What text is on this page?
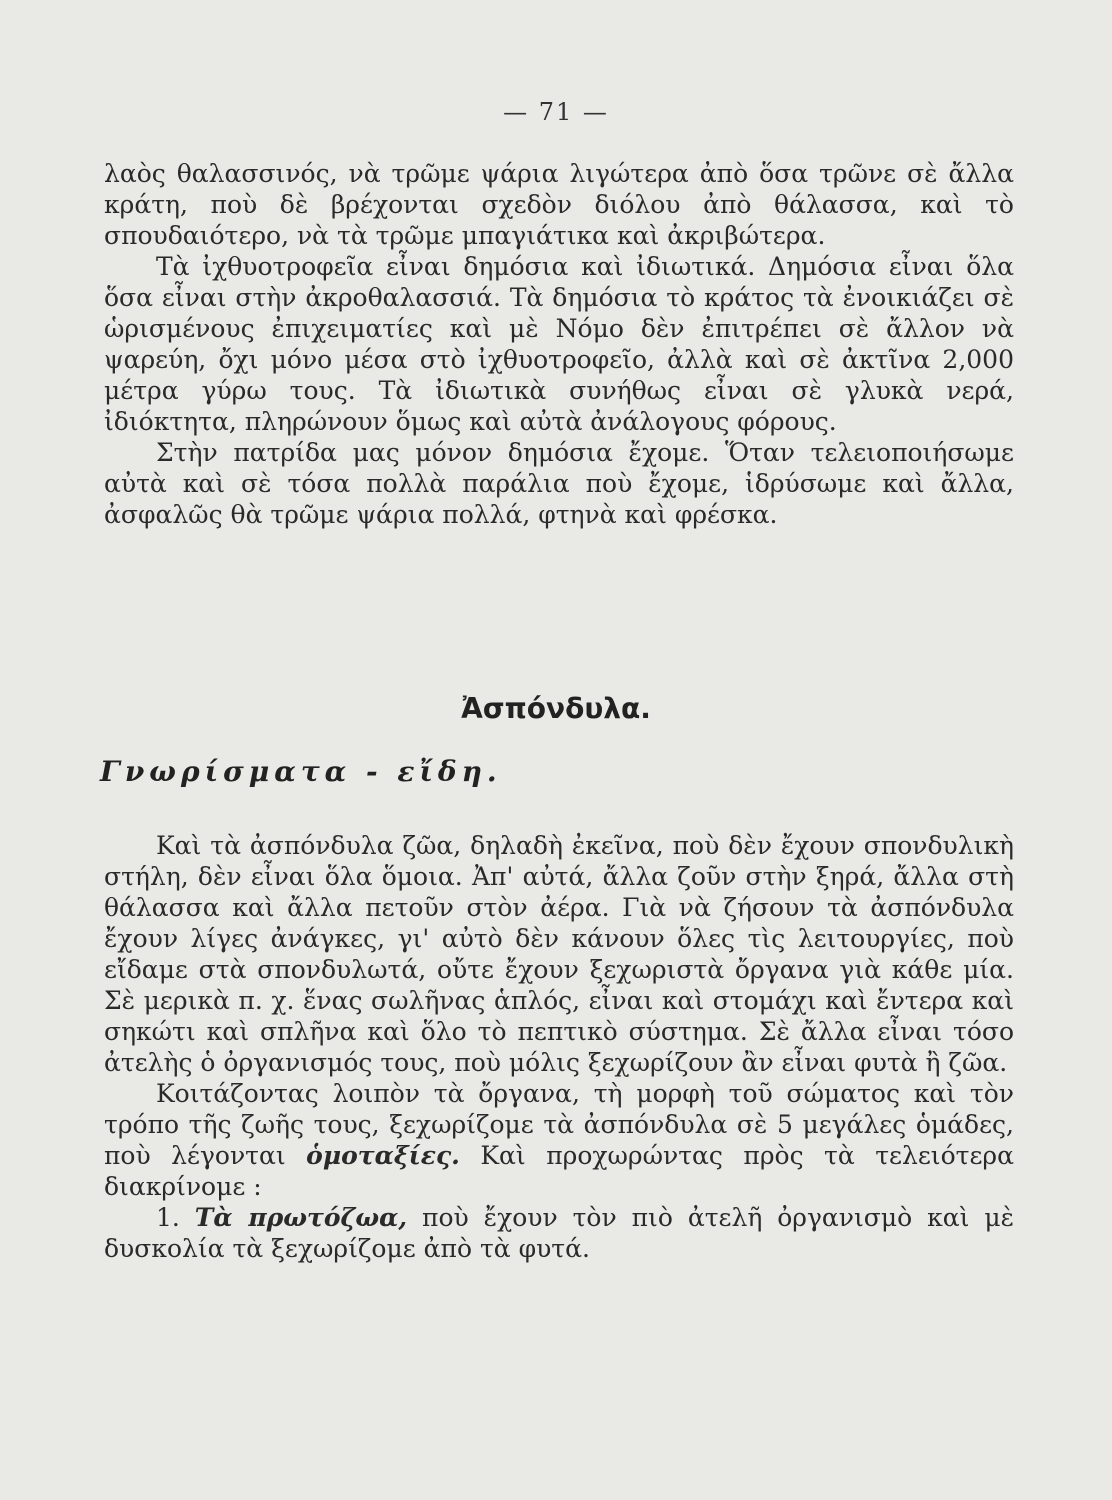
— 71 —

λαὸς θαλασσινός, νὰ τρῶμε ψάρια λιγώτερα ἀπὸ ὅσα τρῶνε σὲ ἄλλα κράτη, ποὺ δὲ βρέχονται σχεδὸν διόλου ἀπὸ θάλασσα, καὶ τὸ σπουδαιότερο, νὰ τὰ τρῶμε μπαγιάτικα καὶ ἀκριβώτερα.

Τὰ ἰχθυοτροφεῖα εἶναι δημόσια καὶ ἰδιωτικά. Δημόσια εἶναι ὅλα ὅσα εἶναι στὴν ἀκροθαλασσιά. Τὰ δημόσια τὸ κράτος τὰ ἐνοικιάζει σὲ ὡρισμένους ἐπιχειματίες καὶ μὲ Νόμο δὲν ἐπιτρέπει σὲ ἄλλον νὰ ψαρεύη, ὄχι μόνο μέσα στὸ ἰχθυοτροφεῖο, ἀλλὰ καὶ σὲ ἀκτῖνα 2,000 μέτρα γύρω τους. Τὰ ἰδιωτικὰ συνήθως εἶναι σὲ γλυκὰ νερά, ἰδιόκτητα, πληρώνουν ὅμως καὶ αὐτὰ ἀνάλογους φόρους.

Στὴν πατρίδα μας μόνον δημόσια ἔχομε. Ὅταν τελειοποιήσωμε αὐτὰ καὶ σὲ τόσα πολλὰ παράλια ποὺ ἔχομε, ἱδρύσωμε καὶ ἄλλα, ἀσφαλῶς θὰ τρῶμε ψάρια πολλά, φτηνὰ καὶ φρέσκα.

Ἀσπόνδυλα.
Γνωρίσματα - εἴδη.

Καὶ τὰ ἀσπόνδυλα ζῶα, δηλαδὴ ἐκεῖνα, ποὺ δὲν ἔχουν σπονδυλικὴ στήλη, δὲν εἶναι ὅλα ὅμοια. Ἀπ' αὐτά, ἄλλα ζοῦν στὴν ξηρά, ἄλλα στὴ θάλασσα καὶ ἄλλα πετοῦν στὸν ἀέρα. Γιὰ νὰ ζήσουν τὰ ἀσπόνδυλα ἔχουν λίγες ἀνάγκες, γι' αὐτὸ δὲν κάνουν ὅλες τὶς λειτουργίες, ποὺ εἴδαμε στὰ σπονδυλωτά, οὔτε ἔχουν ξεχωριστὰ ὄργανα γιὰ κάθε μία. Σὲ μερικὰ π. χ. ἕνας σωλῆνας ἁπλός, εἶναι καὶ στομάχι καὶ ἔντερα καὶ σηκώτι καὶ σπλῆνα καὶ ὅλο τὸ πεπτικὸ σύστημα. Σὲ ἄλλα εἶναι τόσο ἀτελὴς ὁ ὀργανισμός τους, ποὺ μόλις ξεχωρίζουν ἂν εἶναι φυτὰ ἢ ζῶα.

Κοιτάζοντας λοιπὸν τὰ ὄργανα, τὴ μορφὴ τοῦ σώματος καὶ τὸν τρόπο τῆς ζωῆς τους, ξεχωρίζομε τὰ ἀσπόνδυλα σὲ 5 μεγάλες ὁμάδες, ποὺ λέγονται ὁμοταξίες. Καὶ προχωρώντας πρὸς τὰ τελειότερα διακρίνομε :

1. Τὰ πρωτόζωα, ποὺ ἔχουν τὸν πιὸ ἀτελῆ ὀργανισμὸ καὶ μὲ δυσκολία τὰ ξεχωρίζομε ἀπὸ τὰ φυτά.
